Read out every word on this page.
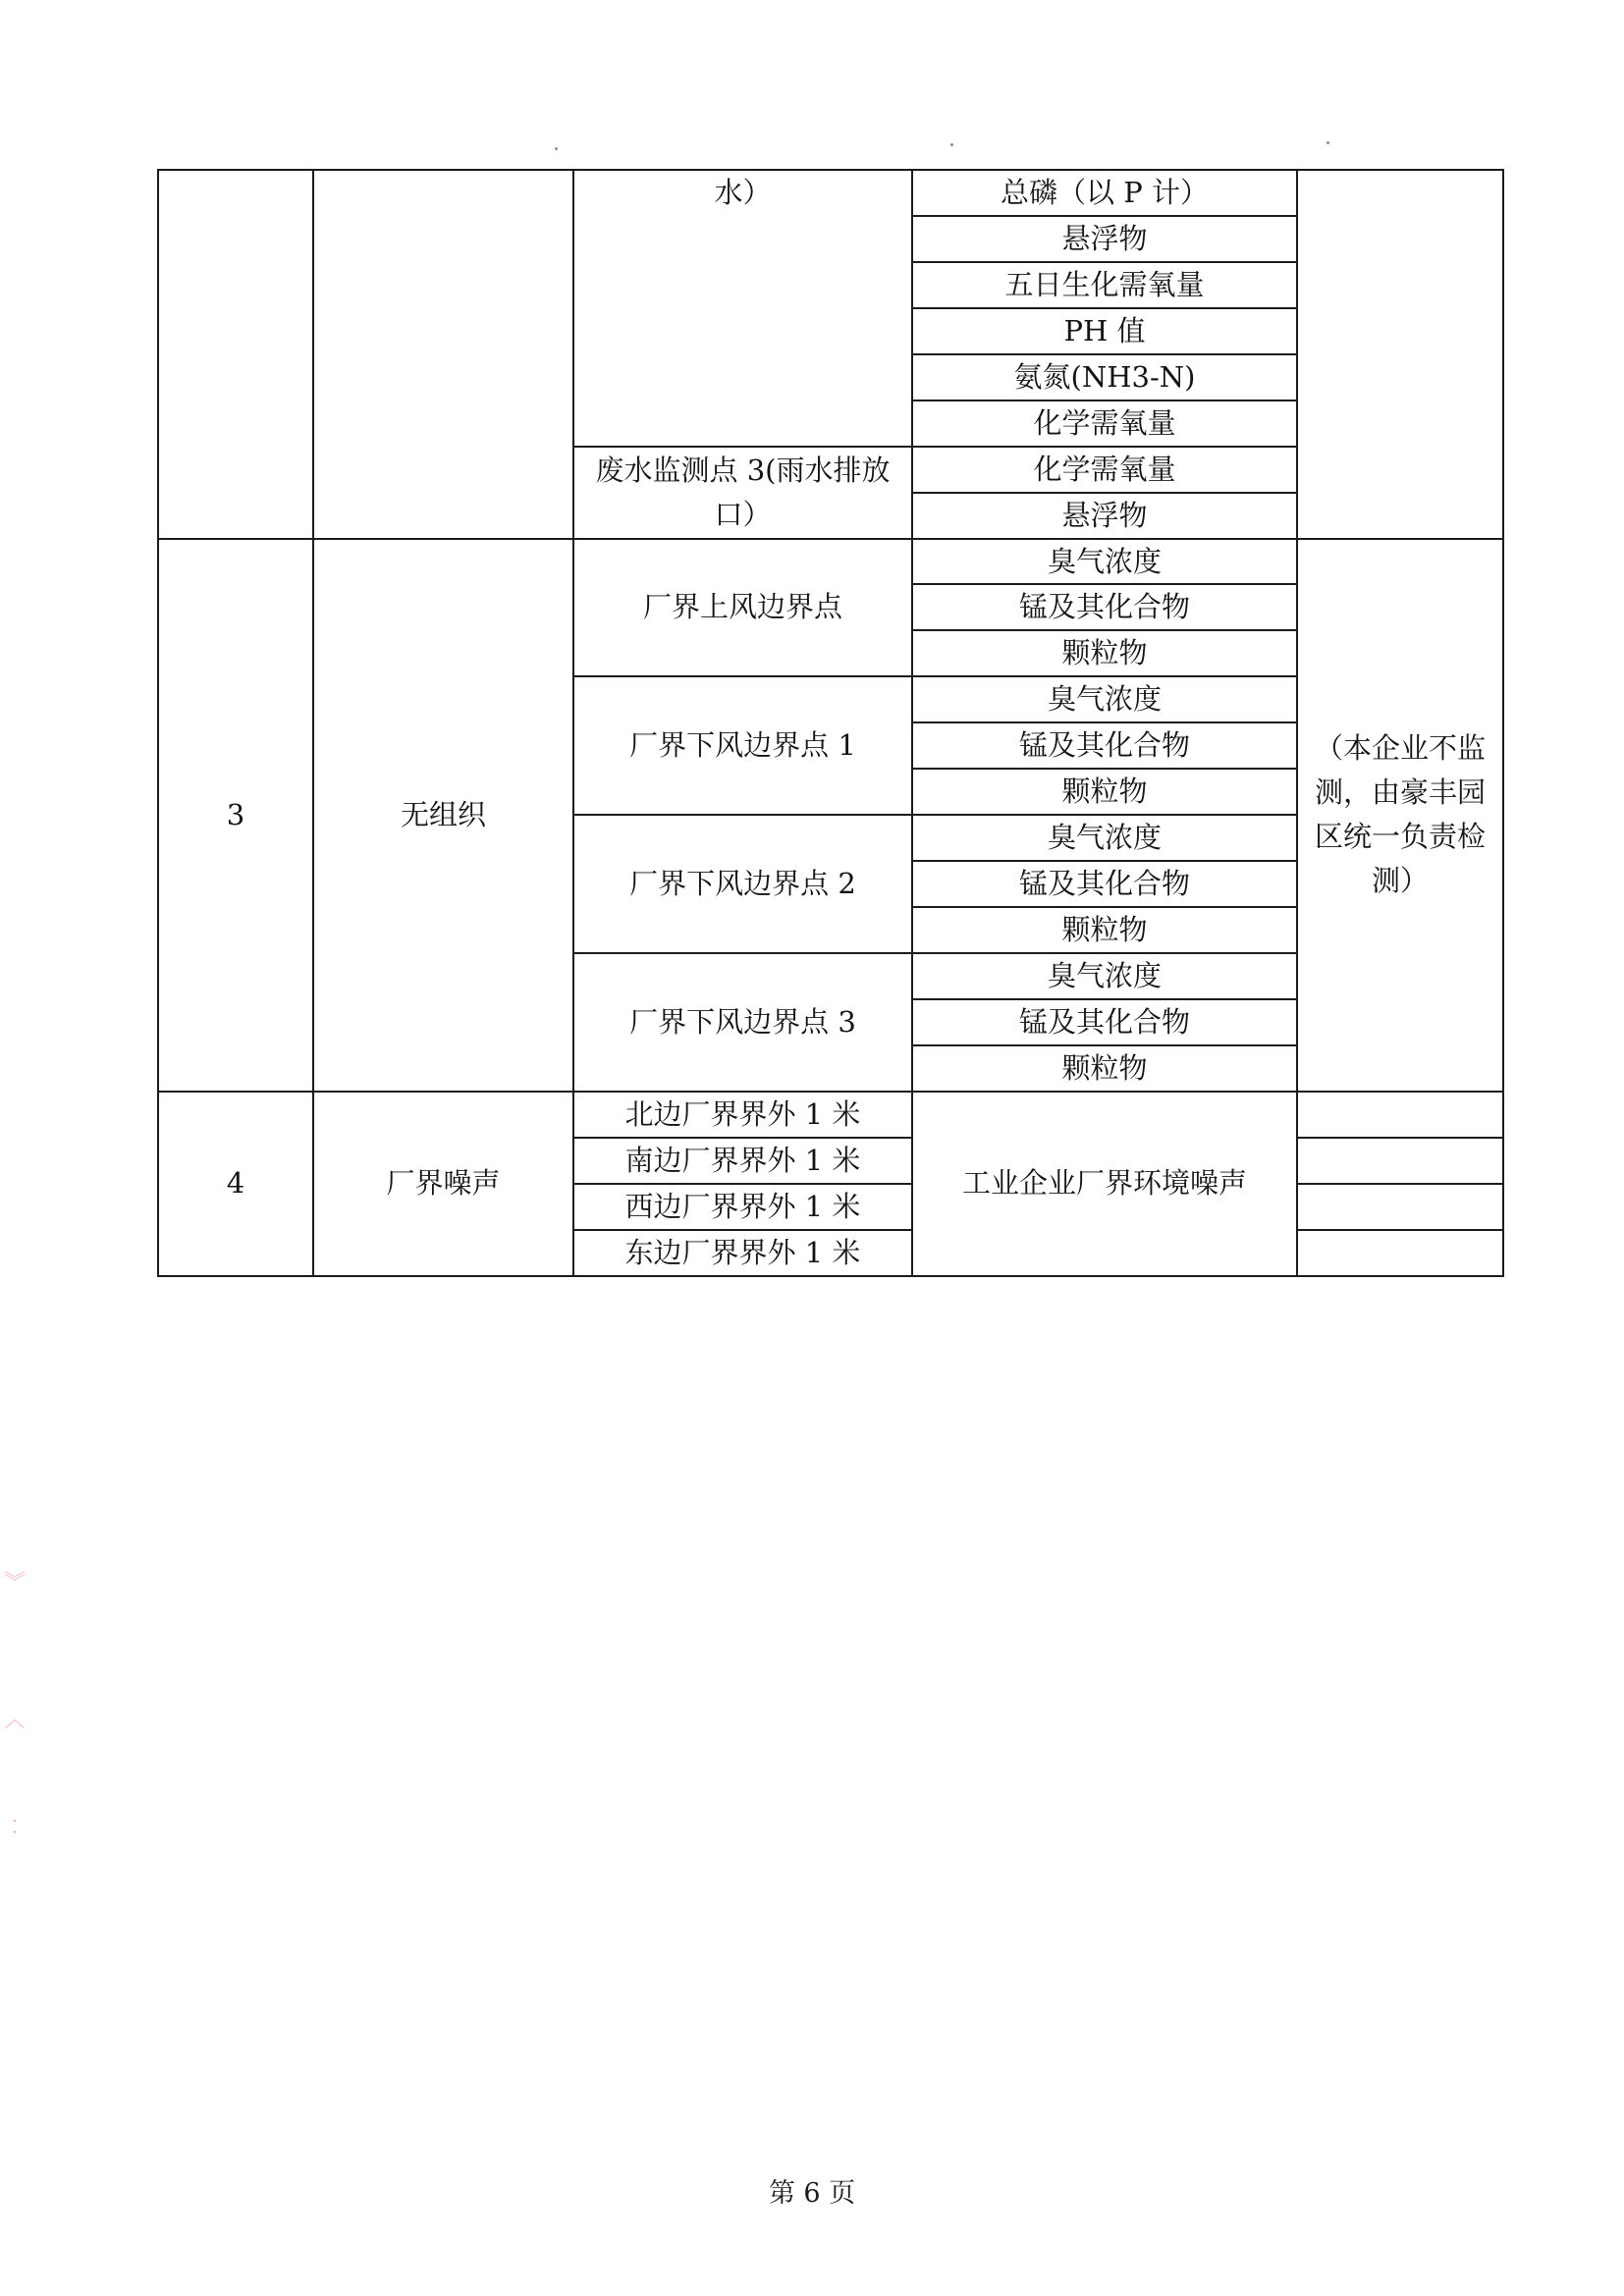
		水）	总磷（以 P 计）	
			悬浮物	
			五日生化需氧量	
			PH 值	
			氨氮(NH3-N)	
			化学需氧量	
		废水监测点 3(雨水排放口）	化学需氧量	
			悬浮物	
3	无组织	厂界上风边界点	臭气浓度	（本企业不监测，由豪丰园区统一负责检测）
			锰及其化合物	
			颗粒物	
		厂界下风边界点 1	臭气浓度	
			锰及其化合物	
			颗粒物	
		厂界下风边界点 2	臭气浓度	
			锰及其化合物	
			颗粒物	
		厂界下风边界点 3	臭气浓度	
			锰及其化合物	
			颗粒物	
4	厂界噪声	北边厂界界外 1 米	工业企业厂界环境噪声	
		南边厂界界外 1 米		
		西边厂界界外 1 米		
		东边厂界界外 1 米		
︾
︿
︰
第 6 页
